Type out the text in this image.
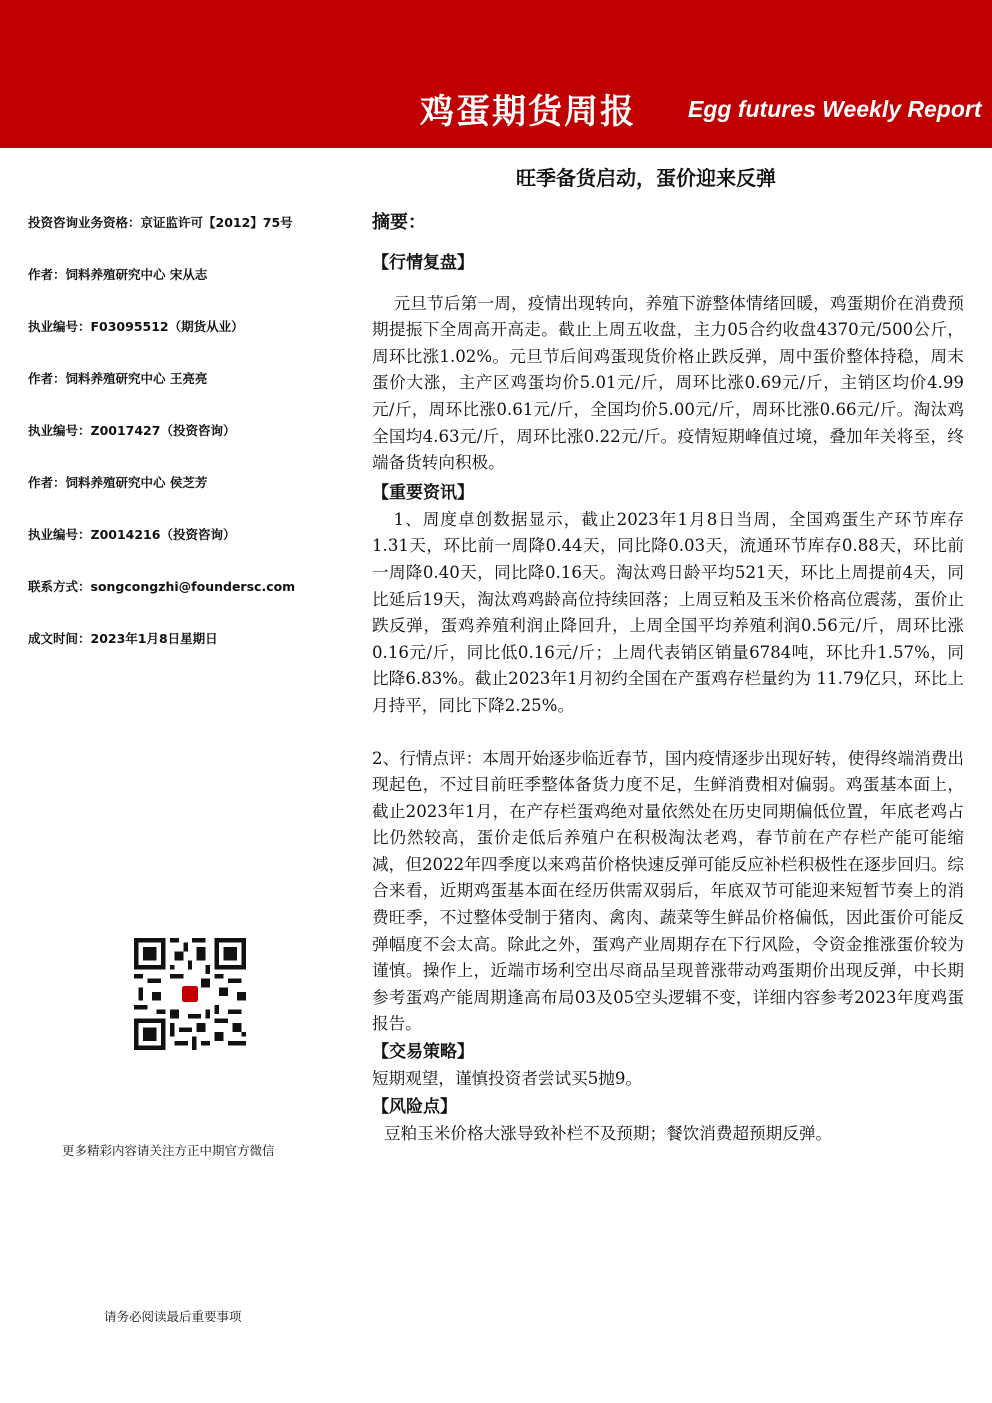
鸡蛋期货周报 Egg futures Weekly Report
旺季备货启动，蛋价迎来反弹
投资咨询业务资格：京证监许可【2012】75号
作者：饲料养殖研究中心 宋从志
执业编号：F03095512（期货从业）
作者：饲料养殖研究中心 王亮亮
执业编号：Z0017427（投资咨询）
作者：饲料养殖研究中心 侯芝芳
执业编号：Z0014216（投资咨询）
联系方式：songcongzhi@foundersc.com
成文时间：2023年1月8日星期日
更多精彩内容请关注方正中期官方微信
请务必阅读最后重要事项
摘要：
【行情复盘】

元旦节后第一周，疫情出现转向，养殖下游整体情绪回暖，鸡蛋期价在消费预期提振下全周高开高走。截止上周五收盘，主力05合约收盘4370元/500公斤，周环比涨1.02%。元旦节后间鸡蛋现货价格止跌反弹，周中蛋价整体持稳，周末蛋价大涨，主产区鸡蛋均价5.01元/斤，周环比涨0.69元/斤，主销区均价4.99元/斤，周环比涨0.61元/斤，全国均价5.00元/斤，周环比涨0.66元/斤。淘汰鸡全国均4.63元/斤，周环比涨0.22元/斤。疫情短期峰值过境，叠加年关将至，终端备货转向积极。

【重要资讯】

1、周度卓创数据显示，截止2023年1月8日当周，全国鸡蛋生产环节库存1.31天，环比前一周降0.44天，同比降0.03天，流通环节库存0.88天，环比前一周降0.40天，同比降0.16天。淘汰鸡日龄平均521天，环比上周提前4天，同比延后19天，淘汰鸡鸡龄高位持续回落；上周豆粕及玉米价格高位震荡，蛋价止跌反弹，蛋鸡养殖利润止降回升，上周全国平均养殖利润0.56元/斤，周环比涨0.16元/斤，同比低0.16元/斤；上周代表销区销量6784吨，环比升1.57%，同比降6.83%。截止2023年1月初约全国在产蛋鸡存栏量约为 11.79亿只，环比上月持平，同比下降2.25%。

2、行情点评：本周开始逐步临近春节，国内疫情逐步出现好转，使得终端消费出现起色，不过目前旺季整体备货力度不足，生鲜消费相对偏弱。鸡蛋基本面上，截止2023年1月，在产存栏蛋鸡绝对量依然处在历史同期偏低位置，年底老鸡占比仍然较高，蛋价走低后养殖户在积极淘汰老鸡，春节前在产存栏产能可能缩减，但2022年四季度以来鸡苗价格快速反弹可能反应补栏积极性在逐步回归。综合来看，近期鸡蛋基本面在经历供需双弱后，年底双节可能迎来短暂节奏上的消费旺季，不过整体受制于猪肉、禽肉、蔬菜等生鲜品价格偏低，因此蛋价可能反弹幅度不会太高。除此之外，蛋鸡产业周期存在下行风险，令资金推涨蛋价较为谨慎。操作上，近端市场利空出尽商品呈现普涨带动鸡蛋期价出现反弹，中长期参考蛋鸡产能周期逢高布局03及05空头逻辑不变，详细内容参考2023年度鸡蛋报告。

【交易策略】

短期观望，谨慎投资者尝试买5抛9。

【风险点】

豆粕玉米价格大涨导致补栏不及预期；餐饮消费超预期反弹。
